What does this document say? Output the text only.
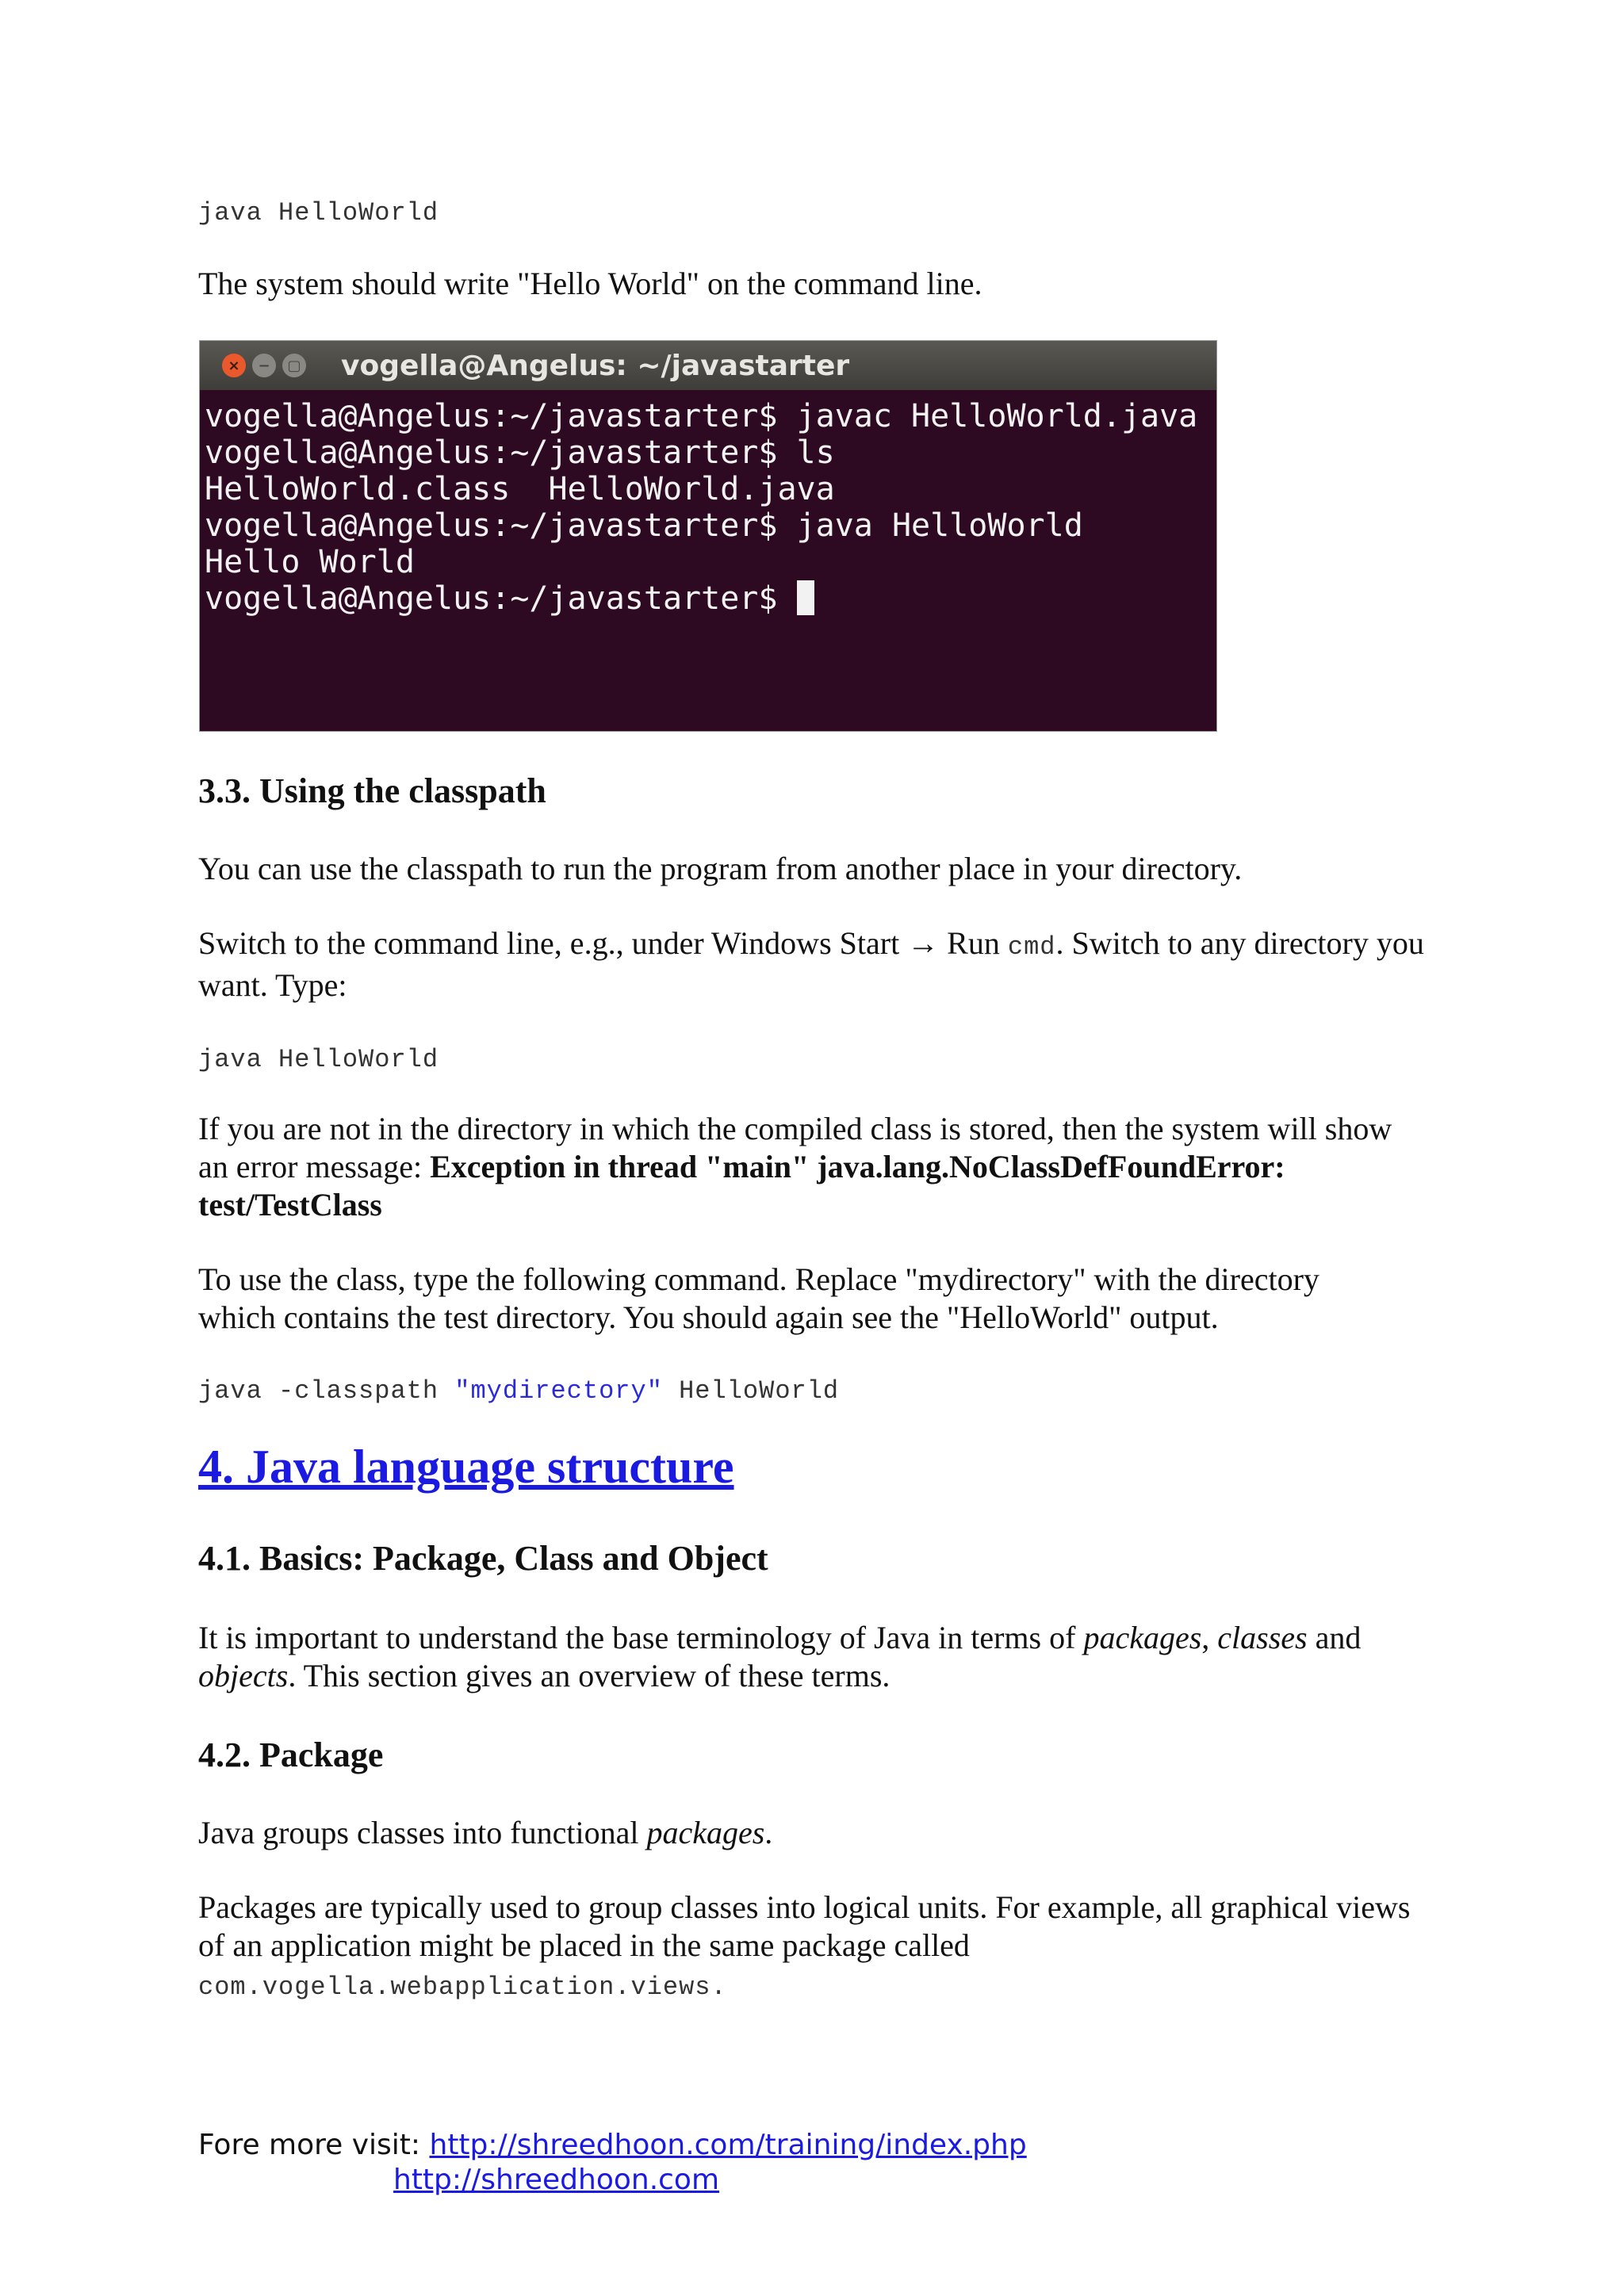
java HelloWorld

The system should write "Hello World" on the command line.

×	−	▢ vogella@Angelus: ~/javastarter
vogella@Angelus:~/javastarter$ javac HelloWorld.java
vogella@Angelus:~/javastarter$ ls
HelloWorld.class  HelloWorld.java
vogella@Angelus:~/javastarter$ java HelloWorld
Hello World
vogella@Angelus:~/javastarter$
3.3. Using the classpath

You can use the classpath to run the program from another place in your directory.

Switch to the command line, e.g., under Windows Start → Run cmd. Switch to any directory you want. Type:

java HelloWorld

If you are not in the directory in which the compiled class is stored, then the system will show an error message: Exception in thread "main" java.lang.NoClassDefFoundError: test/TestClass

To use the class, type the following command. Replace "mydirectory" with the directory which contains the test directory. You should again see the "HelloWorld" output.

java -classpath "mydirectory" HelloWorld
4. Java language structure
4.1. Basics: Package, Class and Object

It is important to understand the base terminology of Java in terms of packages, classes and objects. This section gives an overview of these terms.

4.2. Package

Java groups classes into functional packages.

Packages are typically used to group classes into logical units. For example, all graphical views of an application might be placed in the same package called

com.vogella.webapplication.views.
Fore more visit: http://shreedhoon.com/training/index.php
http://shreedhoon.com
